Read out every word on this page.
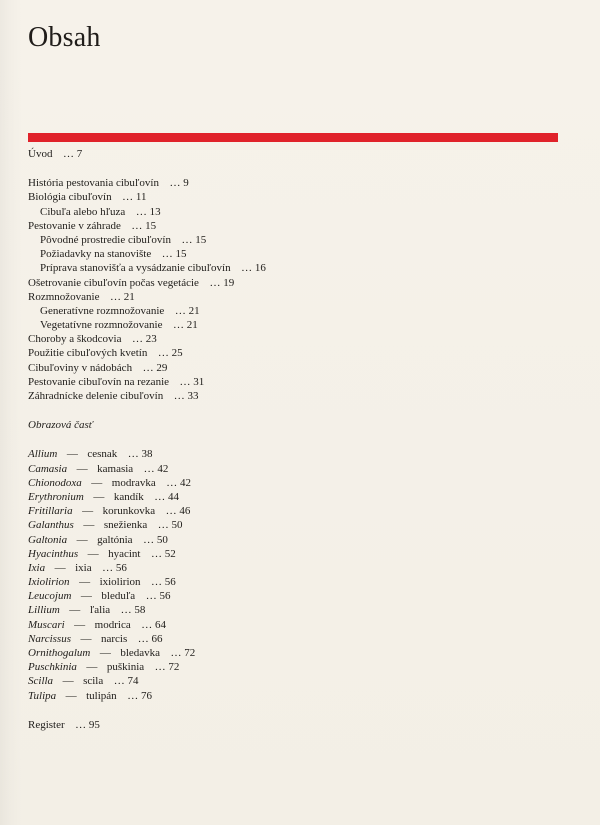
Obsah
Úvod … 7
História pestovania cibuľovín … 9
Biológia cibuľovín … 11
Cibuľa alebo hľuza … 13
Pestovanie v záhrade … 15
Pôvodné prostredie cibuľovín … 15
Požiadavky na stanovište … 15
Príprava stanovišťa a vysádzanie cibuľovín … 16
Ošetrovanie cibuľovín počas vegetácie … 19
Rozmnožovanie … 21
Generatívne rozmnožovanie … 21
Vegetatívne rozmnožovanie … 21
Choroby a škodcovia … 23
Použitie cibuľových kvetín … 25
Cibuľoviny v nádobách … 29
Pestovanie cibuľovín na rezanie … 31
Záhradnícke delenie cibuľovín … 33
Obrazová časť
Allium — cesnak … 38
Camasia — kamasia … 42
Chionodoxa — modravka … 42
Erythronium — kandík … 44
Fritillaria — korunkovka … 46
Galanthus — snežienka … 50
Galtonia — galtónia … 50
Hyacinthus — hyacint … 52
Ixia — ixia … 56
Ixiolirion — ixiolirion … 56
Leucojum — bleduľa … 56
Lillium — ľalia … 58
Muscari — modrica … 64
Narcissus — narcis … 66
Ornithogalum — bledavka … 72
Puschkinia — puškinia … 72
Scilla — scila … 74
Tulipa — tulipán … 76
Register … 95
